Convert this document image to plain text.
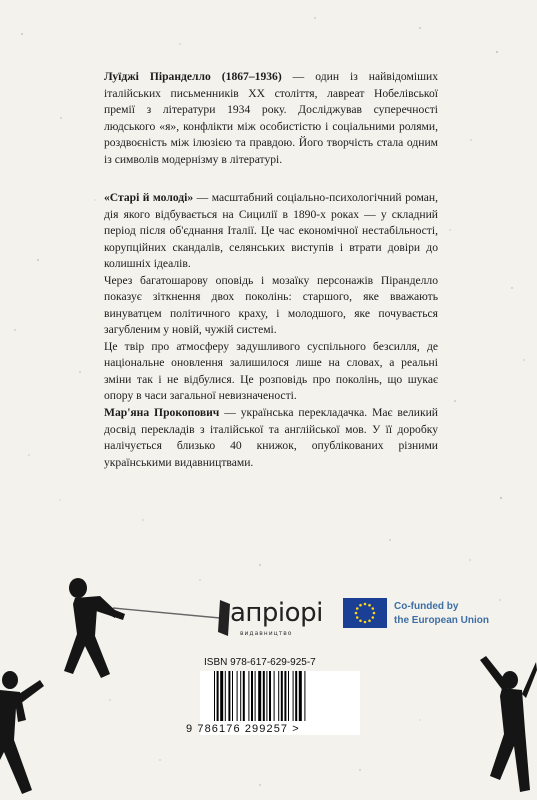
Луїджі Піранделло (1867–1936) — один із найвідоміших італійських письменників XX століття, лавреат Нобелівської премії з літератури 1934 року. Досліджував суперечності людського «я», конфлікти між особистістю і соціальними ролями, роздвоєність між ілюзією та правдою. Його творчість стала одним із символів модернізму в літературі.

«Старі й молоді» — масштабний соціально-психологічний роман, дія якого відбувається на Сицилії в 1890-х роках — у складний період після об'єднання Італії. Це час економічної нестабільності, корупційних скандалів, селянських виступів і втрати довіри до колишніх ідеалів.

Через багатошарову оповідь і мозаїку персонажів Піранделло показує зіткнення двох поколінь: старшого, яке вважають винуватцем політичного краху, і молодшого, яке почувається загубленим у новій, чужій системі.

Це твір про атмосферу задушливого суспільного безсилля, де національне оновлення залишилося лише на словах, а реальні зміни так і не відбулися. Це розповідь про поколінь, що шукає опору в часи загальної невизначеності.

Мар'яна Прокопович — українська перекладачка. Має великий досвід перекладів з італійської та англійської мов. У її доробку налічується близько 40 книжок, опублікованих різними українськими видавництвами.

апріорі
видавництво
Co-funded by
the European Union
ISBN 978-617-629-925-7
9 786176 299257 >
